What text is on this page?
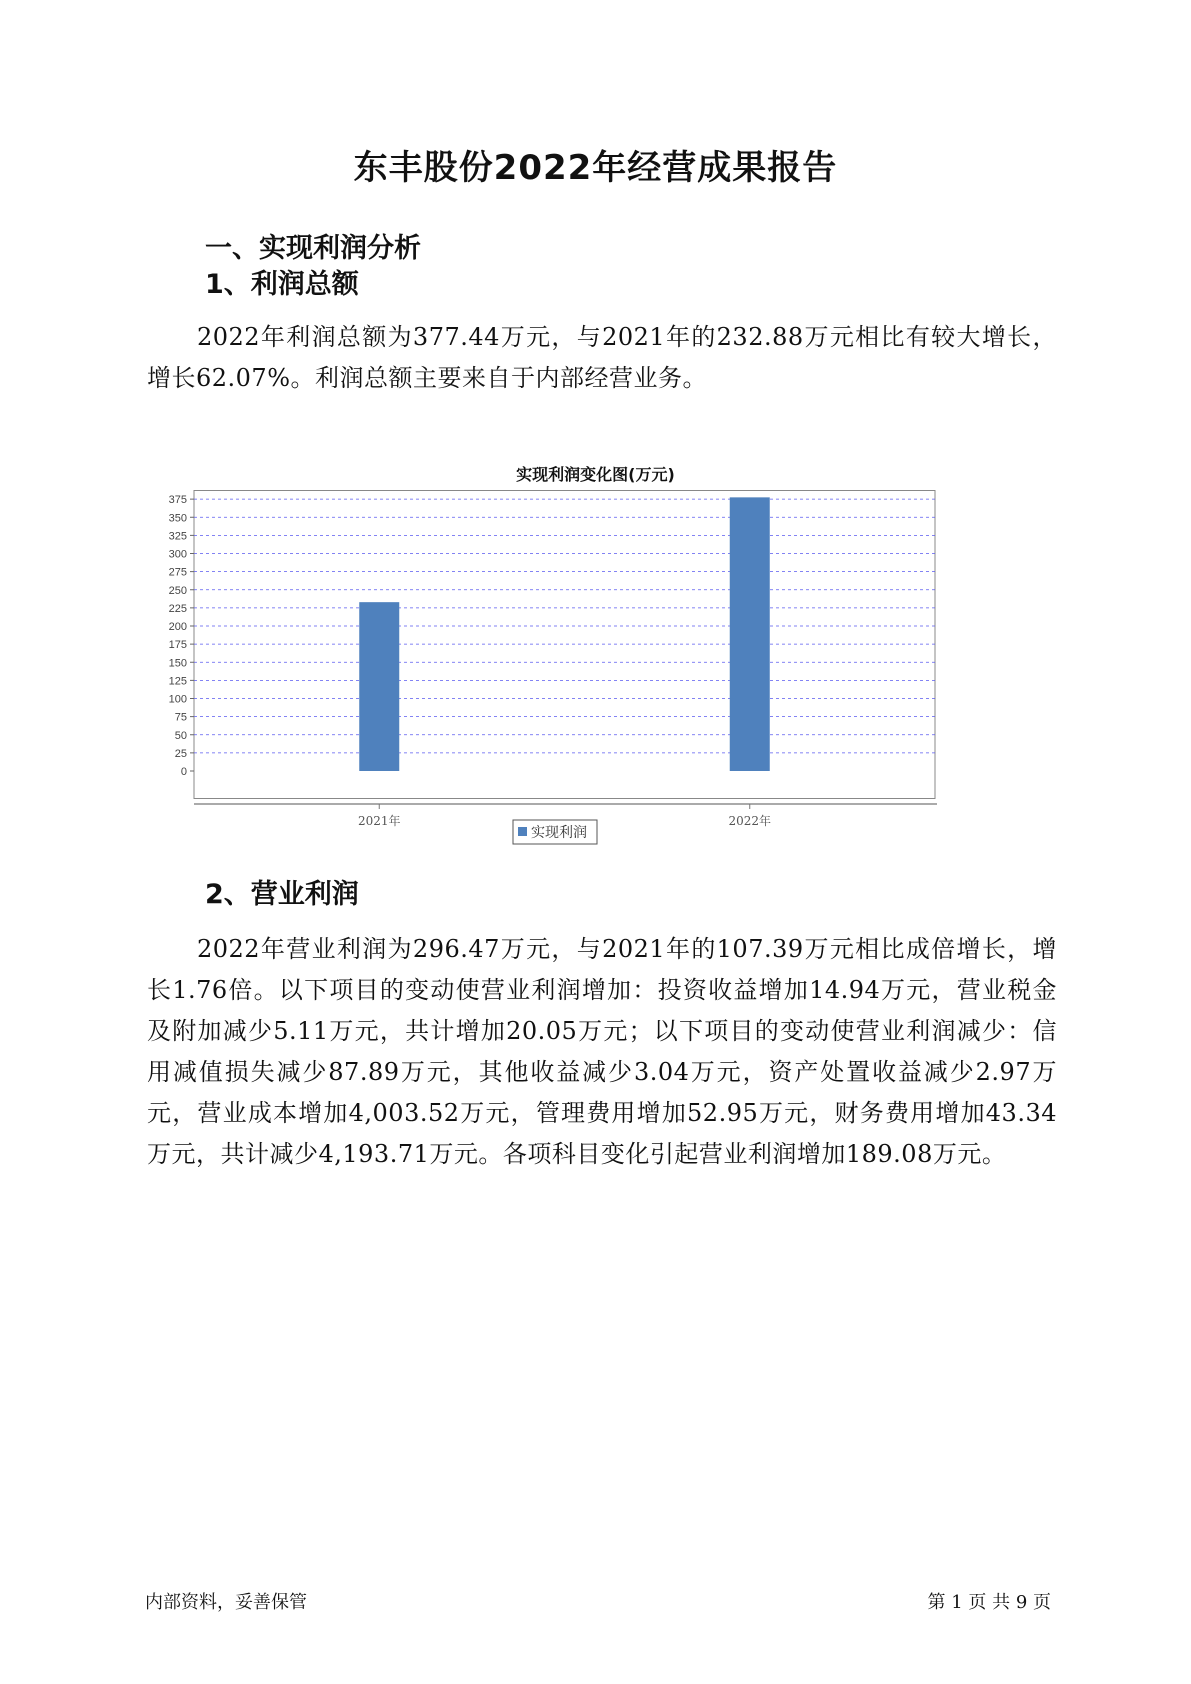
东丰股份2022年经营成果报告
一、实现利润分析
1、利润总额
2022年利润总额为377.44万元，与2021年的232.88万元相比有较大增长，增长62.07%。利润总额主要来自于内部经营业务。
实现利润变化图(万元)
0
25
50
75
100
125
150
175
200
225
250
275
300
325
350
375
2021年	2022年
实现利润
2、营业利润
2022年营业利润为296.47万元，与2021年的107.39万元相比成倍增长，增长1.76倍。以下项目的变动使营业利润增加：投资收益增加14.94万元，营业税金及附加减少5.11万元，共计增加20.05万元；以下项目的变动使营业利润减少：信用减值损失减少87.89万元，其他收益减少3.04万元，资产处置收益减少2.97万元，营业成本增加4,003.52万元，管理费用增加52.95万元，财务费用增加43.34万元，共计减少4,193.71万元。各项科目变化引起营业利润增加189.08万元。
内部资料，妥善保管	第 1 页 共 9 页
